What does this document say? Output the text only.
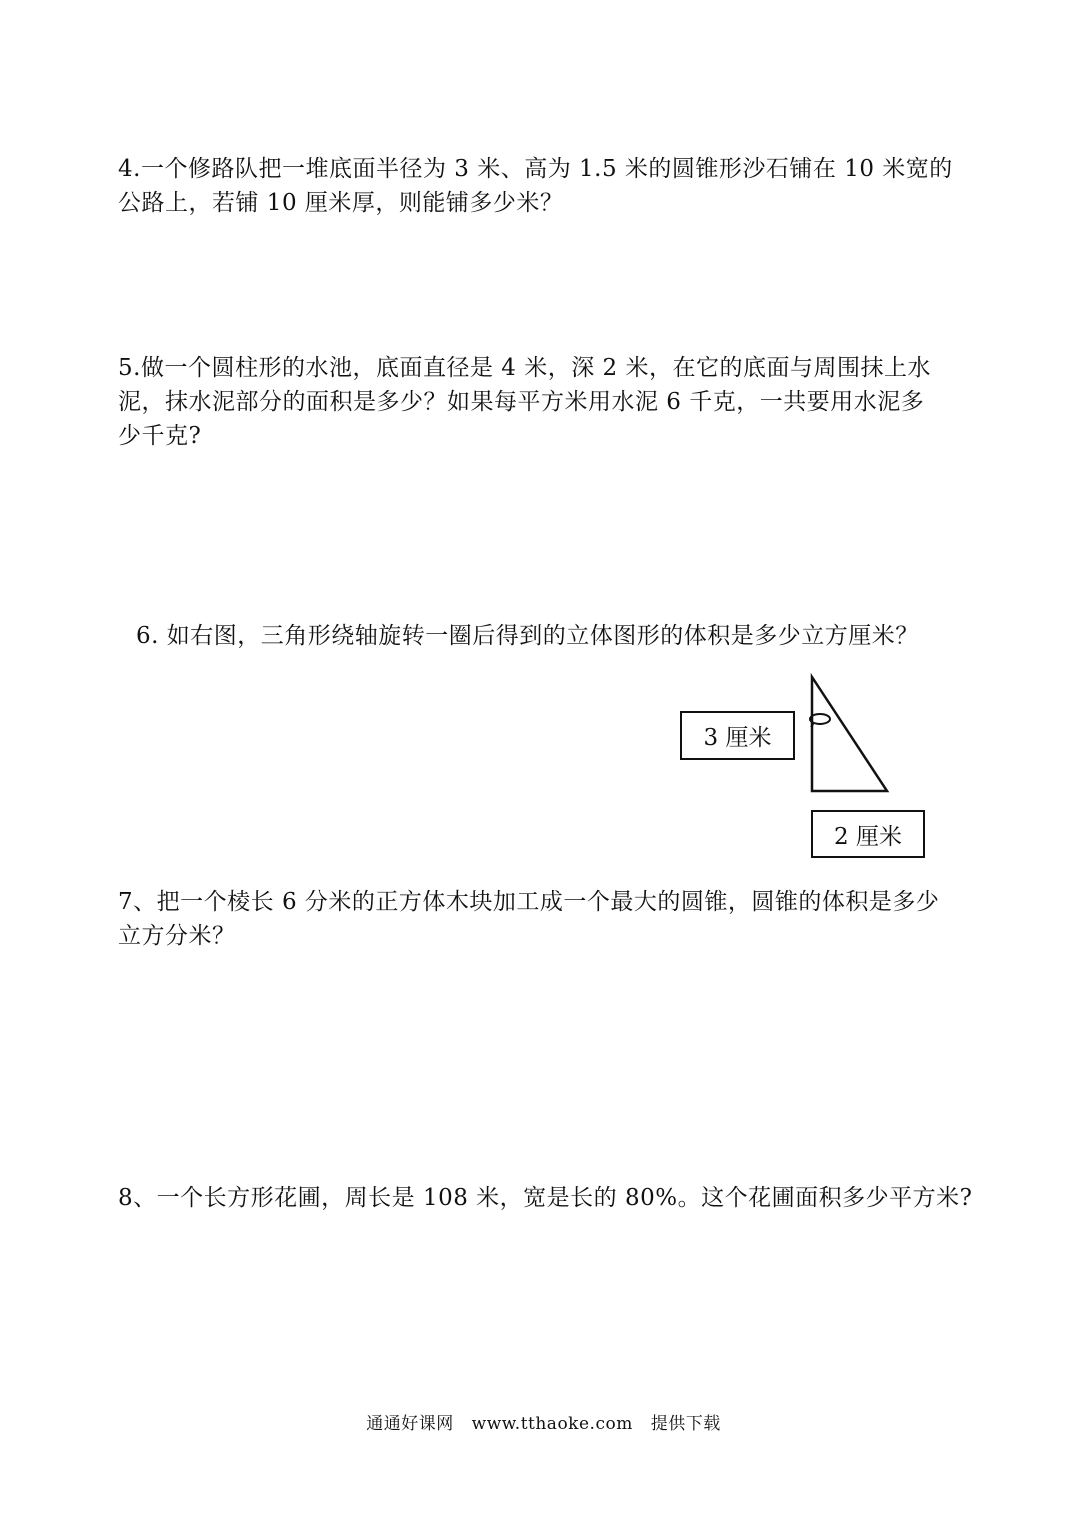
4.一个修路队把一堆底面半径为 3 米、高为 1.5 米的圆锥形沙石铺在 10 米宽的
公路上，若铺 10 厘米厚，则能铺多少米？
5.做一个圆柱形的水池，底面直径是 4 米，深 2 米，在它的底面与周围抹上水
泥，抹水泥部分的面积是多少？如果每平方米用水泥 6 千克，一共要用水泥多
少千克?
6. 如右图，三角形绕轴旋转一圈后得到的立体图形的体积是多少立方厘米？
3 厘米
2 厘米
7、把一个棱长 6 分米的正方体木块加工成一个最大的圆锥，圆锥的体积是多少
立方分米？
8、一个长方形花圃，周长是 108 米，宽是长的 80%。这个花圃面积多少平方米?
通通好课网 www.tthaoke.com 提供下载
